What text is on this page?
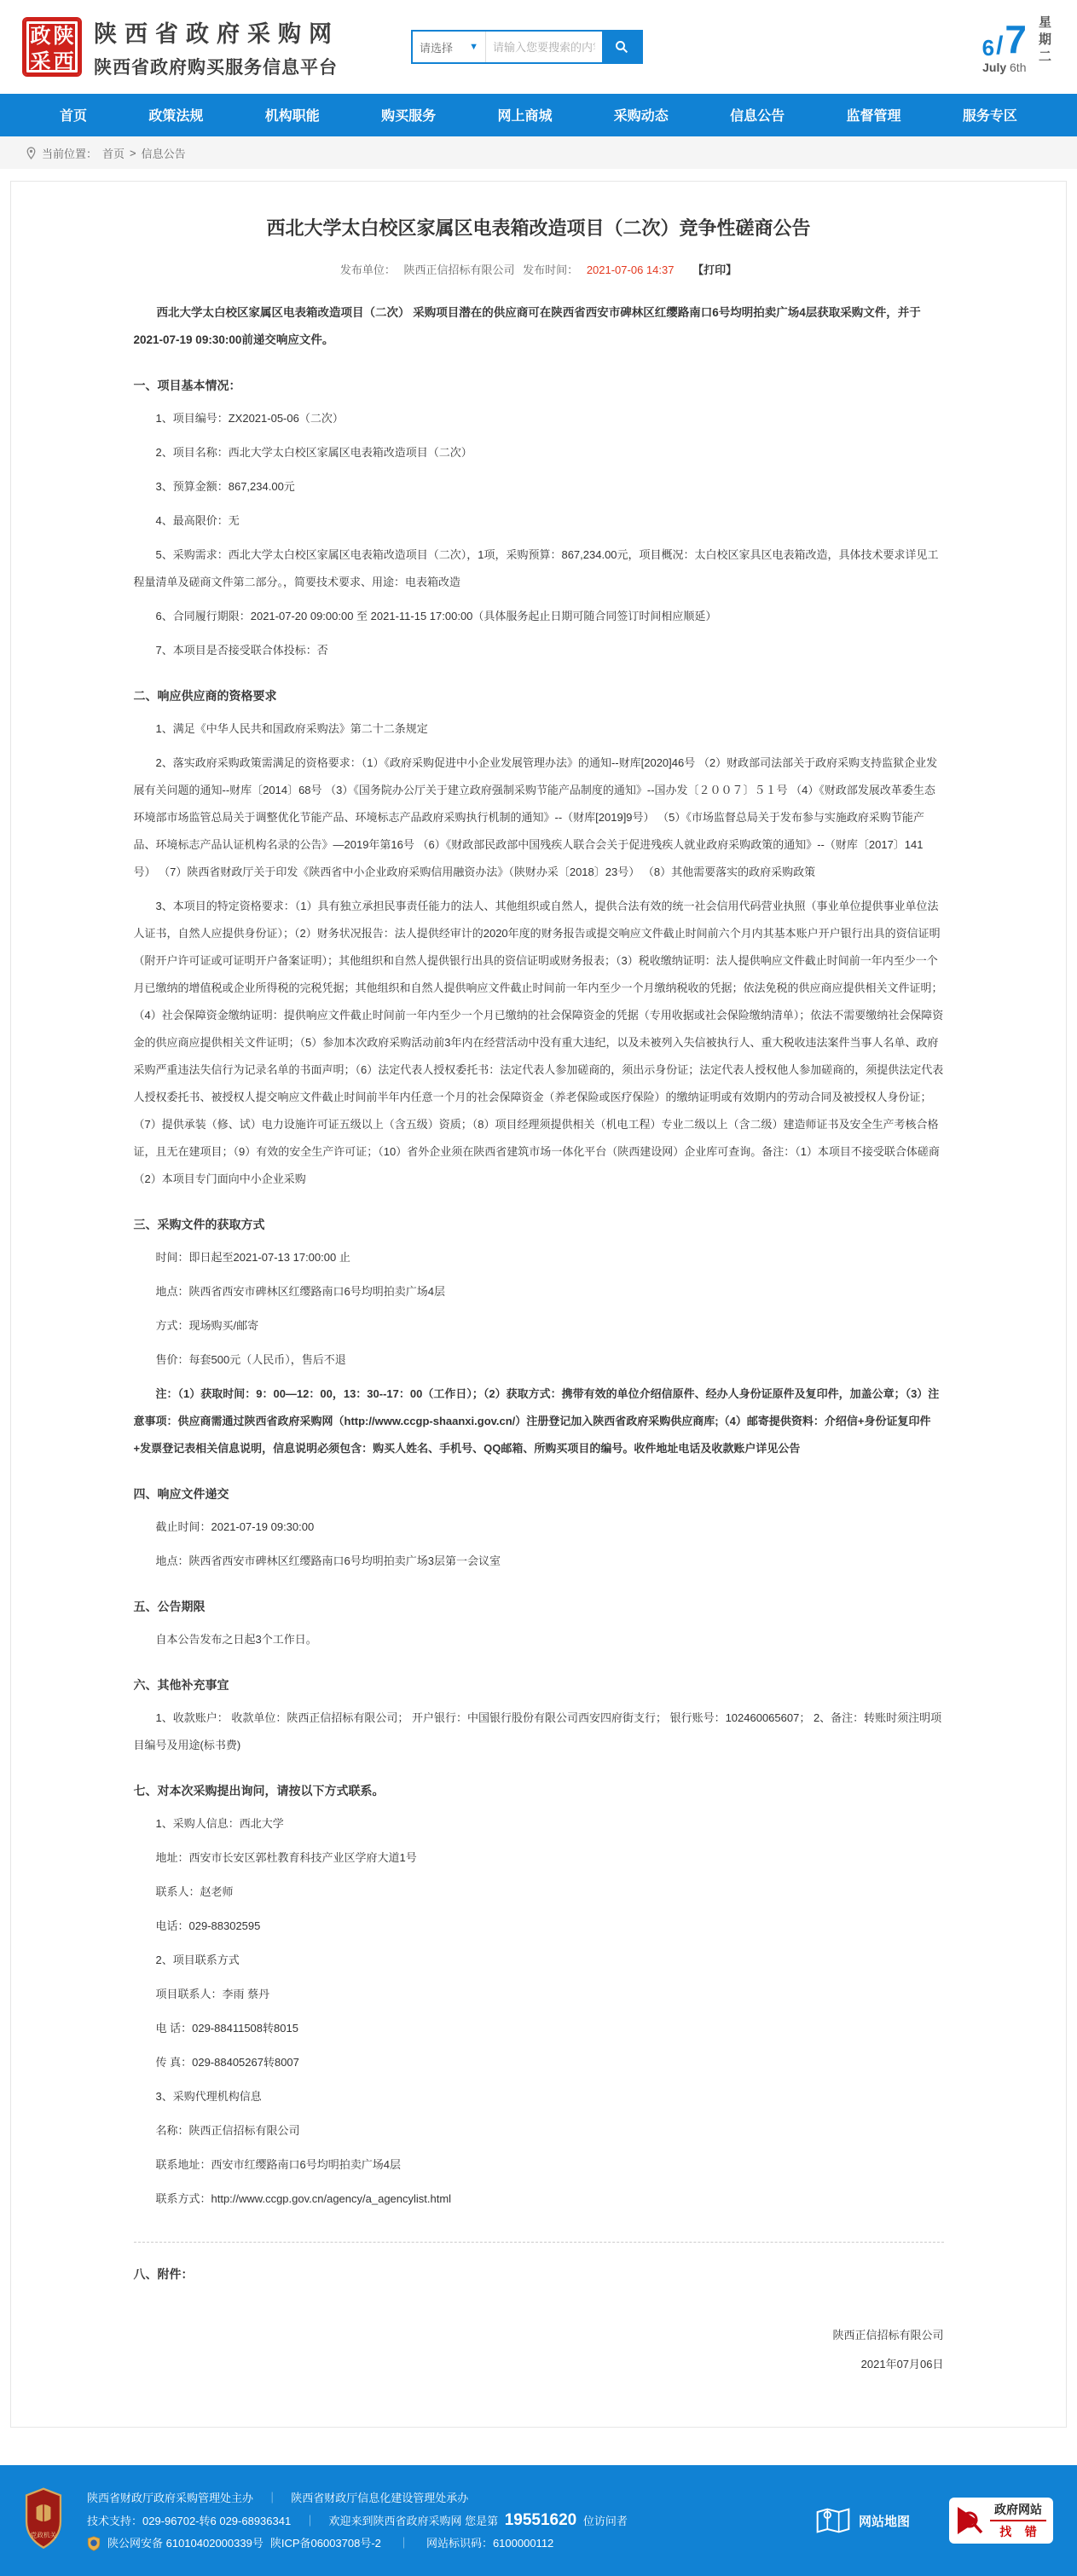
政 陕
采 西
陕西省政府采购网
陕西省政府购买服务信息平台
请选择 ▼
请输入您要搜索的内容	6 / 7
July 6th
星期二
首页	政策法规	机构职能	购买服务	网上商城	采购动态	信息公告	监督管理	服务专区
当前位置： 首页 > 信息公告
西北大学太白校区家属区电表箱改造项目（二次）竞争性磋商公告
发布单位： 陕西正信招标有限公司 发布时间： 2021-07-06 14:37 【打印】

西北大学太白校区家属区电表箱改造项目（二次） 采购项目潜在的供应商可在陕西省西安市碑林区红缨路南口6号均明拍卖广场4层获取采购文件，并于2021-07-19 09:30:00前递交响应文件。

一、项目基本情况：

1、项目编号：ZX2021-05-06（二次）

2、项目名称：西北大学太白校区家属区电表箱改造项目（二次）

3、预算金额：867,234.00元

4、最高限价：无

5、采购需求：西北大学太白校区家属区电表箱改造项目（二次），1项，采购预算：867,234.00元，项目概况：太白校区家具区电表箱改造，具体技术要求详见工程量清单及磋商文件第二部分。，简要技术要求、用途：电表箱改造

6、合同履行期限：2021-07-20 09:00:00 至 2021-11-15 17:00:00（具体服务起止日期可随合同签订时间相应顺延）

7、本项目是否接受联合体投标：否

二、响应供应商的资格要求

1、满足《中华人民共和国政府采购法》第二十二条规定

2、落实政府采购政策需满足的资格要求：（1）《政府采购促进中小企业发展管理办法》的通知--财库[2020]46号 （2）财政部司法部关于政府采购支持监狱企业发展有关问题的通知--财库〔2014〕68号 （3）《国务院办公厅关于建立政府强制采购节能产品制度的通知》--国办发〔２００７〕５１号 （4）《财政部发展改革委生态环境部市场监管总局关于调整优化节能产品、环境标志产品政府采购执行机制的通知》--（财库[2019]9号） （5）《市场监督总局关于发布参与实施政府采购节能产品、环境标志产品认证机构名录的公告》—2019年第16号 （6）《财政部民政部中国残疾人联合会关于促进残疾人就业政府采购政策的通知》--（财库〔2017〕141号） （7）陕西省财政厅关于印发《陕西省中小企业政府采购信用融资办法》（陕财办采〔2018〕23号） （8）其他需要落实的政府采购政策

3、本项目的特定资格要求：（1）具有独立承担民事责任能力的法人、其他组织或自然人，提供合法有效的统一社会信用代码营业执照（事业单位提供事业单位法人证书，自然人应提供身份证）；（2）财务状况报告：法人提供经审计的2020年度的财务报告或提交响应文件截止时间前六个月内其基本账户开户银行出具的资信证明（附开户许可证或可证明开户备案证明）；其他组织和自然人提供银行出具的资信证明或财务报表；（3）税收缴纳证明：法人提供响应文件截止时间前一年内至少一个月已缴纳的增值税或企业所得税的完税凭据；其他组织和自然人提供响应文件截止时间前一年内至少一个月缴纳税收的凭据；依法免税的供应商应提供相关文件证明；（4）社会保障资金缴纳证明：提供响应文件截止时间前一年内至少一个月已缴纳的社会保障资金的凭据（专用收据或社会保险缴纳清单）；依法不需要缴纳社会保障资金的供应商应提供相关文件证明；（5）参加本次政府采购活动前3年内在经营活动中没有重大违纪，以及未被列入失信被执行人、重大税收违法案件当事人名单、政府采购严重违法失信行为记录名单的书面声明；（6）法定代表人授权委托书：法定代表人参加磋商的，须出示身份证；法定代表人授权他人参加磋商的，须提供法定代表人授权委托书、被授权人提交响应文件截止时间前半年内任意一个月的社会保障资金（养老保险或医疗保险）的缴纳证明或有效期内的劳动合同及被授权人身份证；（7）提供承装（修、试）电力设施许可证五级以上（含五级）资质；（8）项目经理须提供相关（机电工程）专业二级以上（含二级）建造师证书及安全生产考核合格证，且无在建项目；（9）有效的安全生产许可证；（10）省外企业须在陕西省建筑市场一体化平台（陕西建设网）企业库可查询。备注：（1）本项目不接受联合体磋商（2）本项目专门面向中小企业采购

三、采购文件的获取方式

时间：即日起至2021-07-13 17:00:00 止

地点：陕西省西安市碑林区红缨路南口6号均明拍卖广场4层

方式：现场购买/邮寄

售价：每套500元（人民币），售后不退

注：（1）获取时间：9：00—12：00，13：30--17：00（工作日）；（2）获取方式：携带有效的单位介绍信原件、经办人身份证原件及复印件，加盖公章；（3）注意事项：供应商需通过陕西省政府采购网（http://www.ccgp-shaanxi.gov.cn/）注册登记加入陕西省政府采购供应商库;（4）邮寄提供资料：介绍信+身份证复印件+发票登记表相关信息说明，信息说明必须包含：购买人姓名、手机号、QQ邮箱、所购买项目的编号。收件地址电话及收款账户详见公告

四、响应文件递交

截止时间：2021-07-19 09:30:00

地点：陕西省西安市碑林区红缨路南口6号均明拍卖广场3层第一会议室

五、公告期限

自本公告发布之日起3个工作日。

六、其他补充事宜

1、收款账户： 收款单位：陕西正信招标有限公司； 开户银行：中国银行股份有限公司西安四府街支行； 银行账号：102460065607； 2、备注：转账时须注明项目编号及用途(标书费)

七、对本次采购提出询问，请按以下方式联系。

1、采购人信息：西北大学

地址：西安市长安区郭杜教育科技产业区学府大道1号

联系人：赵老师

电话：029-88302595

2、项目联系方式

项目联系人：李雨 蔡丹

电 话：029-88411508转8015

传 真：029-88405267转8007

3、采购代理机构信息

名称：陕西正信招标有限公司

联系地址：西安市红缨路南口6号均明拍卖广场4层

联系方式：http://www.ccgp.gov.cn/agency/a_agencylist.html

八、附件：
陕西正信招标有限公司
2021年07月06日
党政机关
陕西省财政厅政府采购管理处主办 ｜ 陕西省财政厅信息化建设管理处承办
技术支持：029-96702-转6 029-68936341 ｜ 欢迎来到陕西省政府采购网 您是第 19551620 位访问者
陕公网安备 61010402000339号 陕ICP备06003708号-2 ｜ 网站标识码：6100000112
网站地图
政府网站
找 错
